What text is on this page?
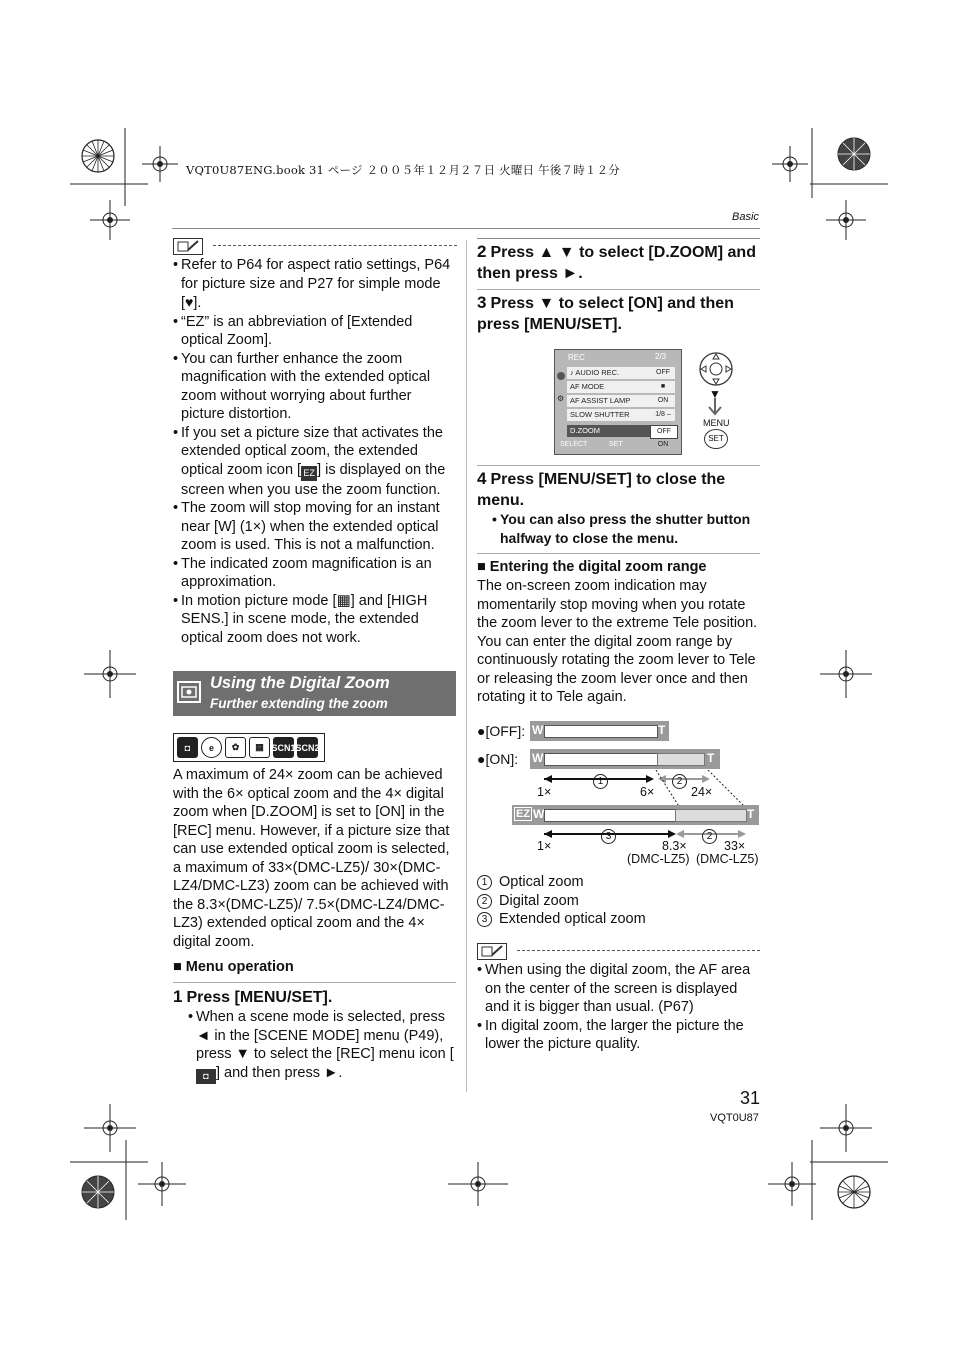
VQT0U87ENG.book 31 ページ ２００５年１２月２７日 火曜日 午後７時１２分
Basic
• Refer to P64 for aspect ratio settings, P64 for picture size and P27 for simple mode [♥].
• “EZ” is an abbreviation of [Extended optical Zoom].
• You can further enhance the zoom magnification with the extended optical zoom without worrying about further picture distortion.
• If you set a picture size that activates the extended optical zoom, the extended optical zoom icon [ EZ ] is displayed on the screen when you use the zoom function.
• The zoom will stop moving for an instant near [W] (1×) when the extended optical zoom is used. This is not a malfunction.
• The indicated zoom magnification is an approximation.
• In motion picture mode [▦] and [HIGH SENS.] in scene mode, the extended optical zoom does not work.
Using the Digital Zoom
Further extending the zoom
◘	e	✿	▦ SCN1 SCN2
A maximum of 24× zoom can be achieved with the 6× optical zoom and the 4× digital zoom when [D.ZOOM] is set to [ON] in the [REC] menu. However, if a picture size that can use extended optical zoom is selected, a maximum of 33×(DMC-LZ5)/ 30×(DMC-LZ4/DMC-LZ3) zoom can be achieved with the 8.3×(DMC-LZ5)/ 7.5×(DMC-LZ4/DMC-LZ3) extended optical zoom and the 4× digital zoom.
■ Menu operation
1 Press [MENU/SET].
• When a scene mode is selected, press ◄ in the [SCENE MODE] menu (P49), press ▼ to select the [REC] menu icon [◘ ] and then press ►.
2 Press ▲ ▼ to select [D.ZOOM] and then press ►.
3 Press ▼ to select [ON] and then press [MENU/SET].
REC	2/3
⚙
♪ AUDIO REC.	OFF
AF MODE	■
AF ASSIST LAMP	ON
SLOW SHUTTER	1/8 –
D.ZOOM	OFF
ON
SELECT	SET
▼
MENU
SET
4 Press [MENU/SET] to close the menu.
• You can also press the shutter button halfway to close the menu.
■ Entering the digital zoom range
The on-screen zoom indication may momentarily stop moving when you rotate the zoom lever to the extreme Tele position. You can enter the digital zoom range by continuously rotating the zoom lever to Tele or releasing the zoom lever once and then rotating it to Tele again.
●[OFF]: W	T
●[ON]: W	T
1	2
1×	6×	24×
EZ W	T
3	2
1×	8.3×	33×
(DMC-LZ5) (DMC-LZ5)
1 Optical zoom
2 Digital zoom
3 Extended optical zoom
• When using the digital zoom, the AF area on the center of the screen is displayed and it is bigger than usual. (P67)
• In digital zoom, the larger the picture the lower the picture quality.
31
VQT0U87
